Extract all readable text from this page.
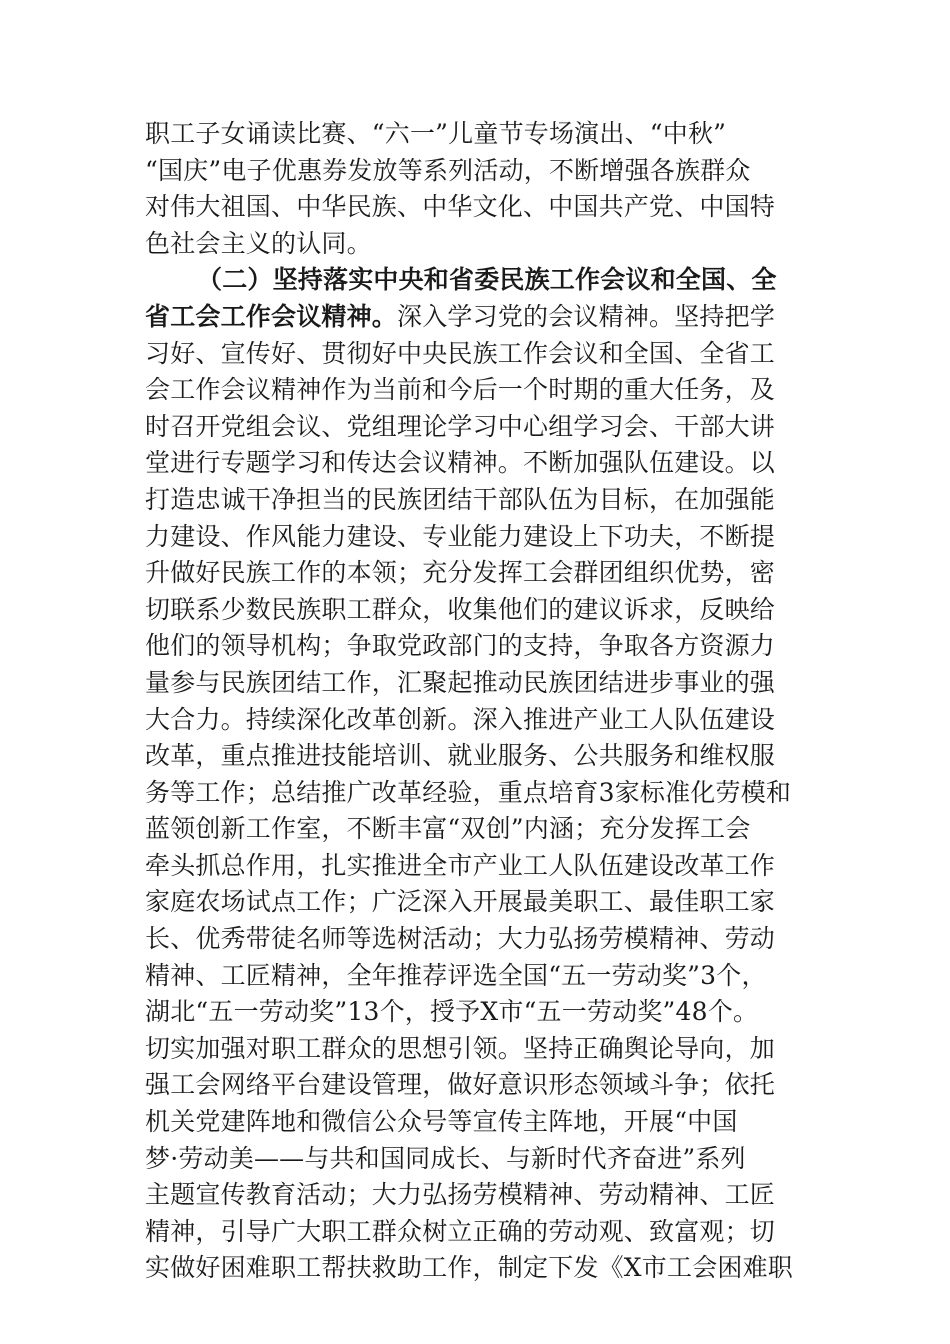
职工子女诵读比赛、“六一”儿童节专场演出、“中秋”
“国庆”电子优惠券发放等系列活动，不断增强各族群众
对伟大祖国、中华民族、中华文化、中国共产党、中国特
色社会主义的认同。
（二）坚持落实中央和省委民族工作会议和全国、全
省工会工作会议精神。深入学习党的会议精神。坚持把学
习好、宣传好、贯彻好中央民族工作会议和全国、全省工
会工作会议精神作为当前和今后一个时期的重大任务，及
时召开党组会议、党组理论学习中心组学习会、干部大讲
堂进行专题学习和传达会议精神。不断加强队伍建设。以
打造忠诚干净担当的民族团结干部队伍为目标，在加强能
力建设、作风能力建设、专业能力建设上下功夫，不断提
升做好民族工作的本领；充分发挥工会群团组织优势，密
切联系少数民族职工群众，收集他们的建议诉求，反映给
他们的领导机构；争取党政部门的支持，争取各方资源力
量参与民族团结工作，汇聚起推动民族团结进步事业的强
大合力。持续深化改革创新。深入推进产业工人队伍建设
改革，重点推进技能培训、就业服务、公共服务和维权服
务等工作；总结推广改革经验，重点培育3家标准化劳模和
蓝领创新工作室，不断丰富“双创”内涵；充分发挥工会
牵头抓总作用，扎实推进全市产业工人队伍建设改革工作
家庭农场试点工作；广泛深入开展最美职工、最佳职工家
长、优秀带徒名师等选树活动；大力弘扬劳模精神、劳动
精神、工匠精神，全年推荐评选全国“五一劳动奖”3个，
湖北“五一劳动奖”13个，授予X市“五一劳动奖”48个。
切实加强对职工群众的思想引领。坚持正确舆论导向，加
强工会网络平台建设管理，做好意识形态领域斗争；依托
机关党建阵地和微信公众号等宣传主阵地，开展“中国
梦·劳动美——与共和国同成长、与新时代齐奋进”系列
主题宣传教育活动；大力弘扬劳模精神、劳动精神、工匠
精神，引导广大职工群众树立正确的劳动观、致富观；切
实做好困难职工帮扶救助工作，制定下发《X市工会困难职
